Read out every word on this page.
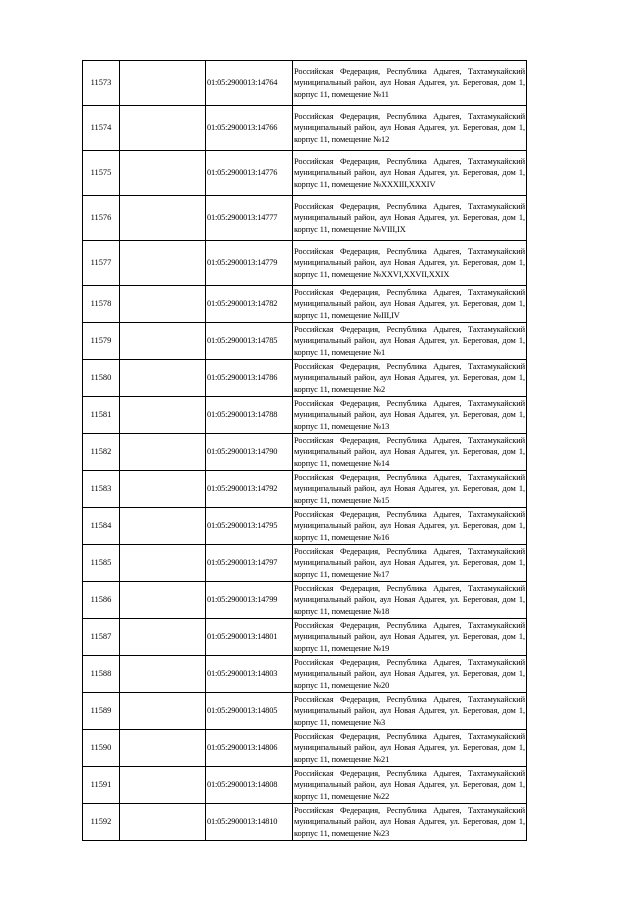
11573		01:05:2900013:14764	Российская Федерация, Республика Адыгея, Тахтамукайский муниципальный район, аул Новая Адыгея, ул. Береговая, дом 1, корпус 11, помещение №11
11574		01:05:2900013:14766	Российская Федерация, Республика Адыгея, Тахтамукайский муниципальный район, аул Новая Адыгея, ул. Береговая, дом 1, корпус 11, помещение №12
11575		01:05:2900013:14776	Российская Федерация, Республика Адыгея, Тахтамукайский муниципальный район, аул Новая Адыгея, ул. Береговая, дом 1, корпус 11, помещение №XXXIII,XXXIV
11576		01:05:2900013:14777	Российская Федерация, Республика Адыгея, Тахтамукайский муниципальный район, аул Новая Адыгея, ул. Береговая, дом 1, корпус 11, помещение №VIII,IX
11577		01:05:2900013:14779	Российская Федерация, Республика Адыгея, Тахтамукайский муниципальный район, аул Новая Адыгея, ул. Береговая, дом 1, корпус 11, помещение №XXVI,XXVII,XXIX
11578		01:05:2900013:14782	Российская Федерация, Республика Адыгея, Тахтамукайский муниципальный район, аул Новая Адыгея, ул. Береговая, дом 1, корпус 11, помещение №III,IV
11579		01:05:2900013:14785	Российская Федерация, Республика Адыгея, Тахтамукайский муниципальный район, аул Новая Адыгея, ул. Береговая, дом 1, корпус 11, помещение №1
11580		01:05:2900013:14786	Российская Федерация, Республика Адыгея, Тахтамукайский муниципальный район, аул Новая Адыгея, ул. Береговая, дом 1, корпус 11, помещение №2
11581		01:05:2900013:14788	Российская Федерация, Республика Адыгея, Тахтамукайский муниципальный район, аул Новая Адыгея, ул. Береговая, дом 1, корпус 11, помещение №13
11582		01:05:2900013:14790	Российская Федерация, Республика Адыгея, Тахтамукайский муниципальный район, аул Новая Адыгея, ул. Береговая, дом 1, корпус 11, помещение №14
11583		01:05:2900013:14792	Российская Федерация, Республика Адыгея, Тахтамукайский муниципальный район, аул Новая Адыгея, ул. Береговая, дом 1, корпус 11, помещение №15
11584		01:05:2900013:14795	Российская Федерация, Республика Адыгея, Тахтамукайский муниципальный район, аул Новая Адыгея, ул. Береговая, дом 1, корпус 11, помещение №16
11585		01:05:2900013:14797	Российская Федерация, Республика Адыгея, Тахтамукайский муниципальный район, аул Новая Адыгея, ул. Береговая, дом 1, корпус 11, помещение №17
11586		01:05:2900013:14799	Российская Федерация, Республика Адыгея, Тахтамукайский муниципальный район, аул Новая Адыгея, ул. Береговая, дом 1, корпус 11, помещение №18
11587		01:05:2900013:14801	Российская Федерация, Республика Адыгея, Тахтамукайский муниципальный район, аул Новая Адыгея, ул. Береговая, дом 1, корпус 11, помещение №19
11588		01:05:2900013:14803	Российская Федерация, Республика Адыгея, Тахтамукайский муниципальный район, аул Новая Адыгея, ул. Береговая, дом 1, корпус 11, помещение №20
11589		01:05:2900013:14805	Российская Федерация, Республика Адыгея, Тахтамукайский муниципальный район, аул Новая Адыгея, ул. Береговая, дом 1, корпус 11, помещение №3
11590		01:05:2900013:14806	Российская Федерация, Республика Адыгея, Тахтамукайский муниципальный район, аул Новая Адыгея, ул. Береговая, дом 1, корпус 11, помещение №21
11591		01:05:2900013:14808	Российская Федерация, Республика Адыгея, Тахтамукайский муниципальный район, аул Новая Адыгея, ул. Береговая, дом 1, корпус 11, помещение №22
11592		01:05:2900013:14810	Российская Федерация, Республика Адыгея, Тахтамукайский муниципальный район, аул Новая Адыгея, ул. Береговая, дом 1, корпус 11, помещение №23
